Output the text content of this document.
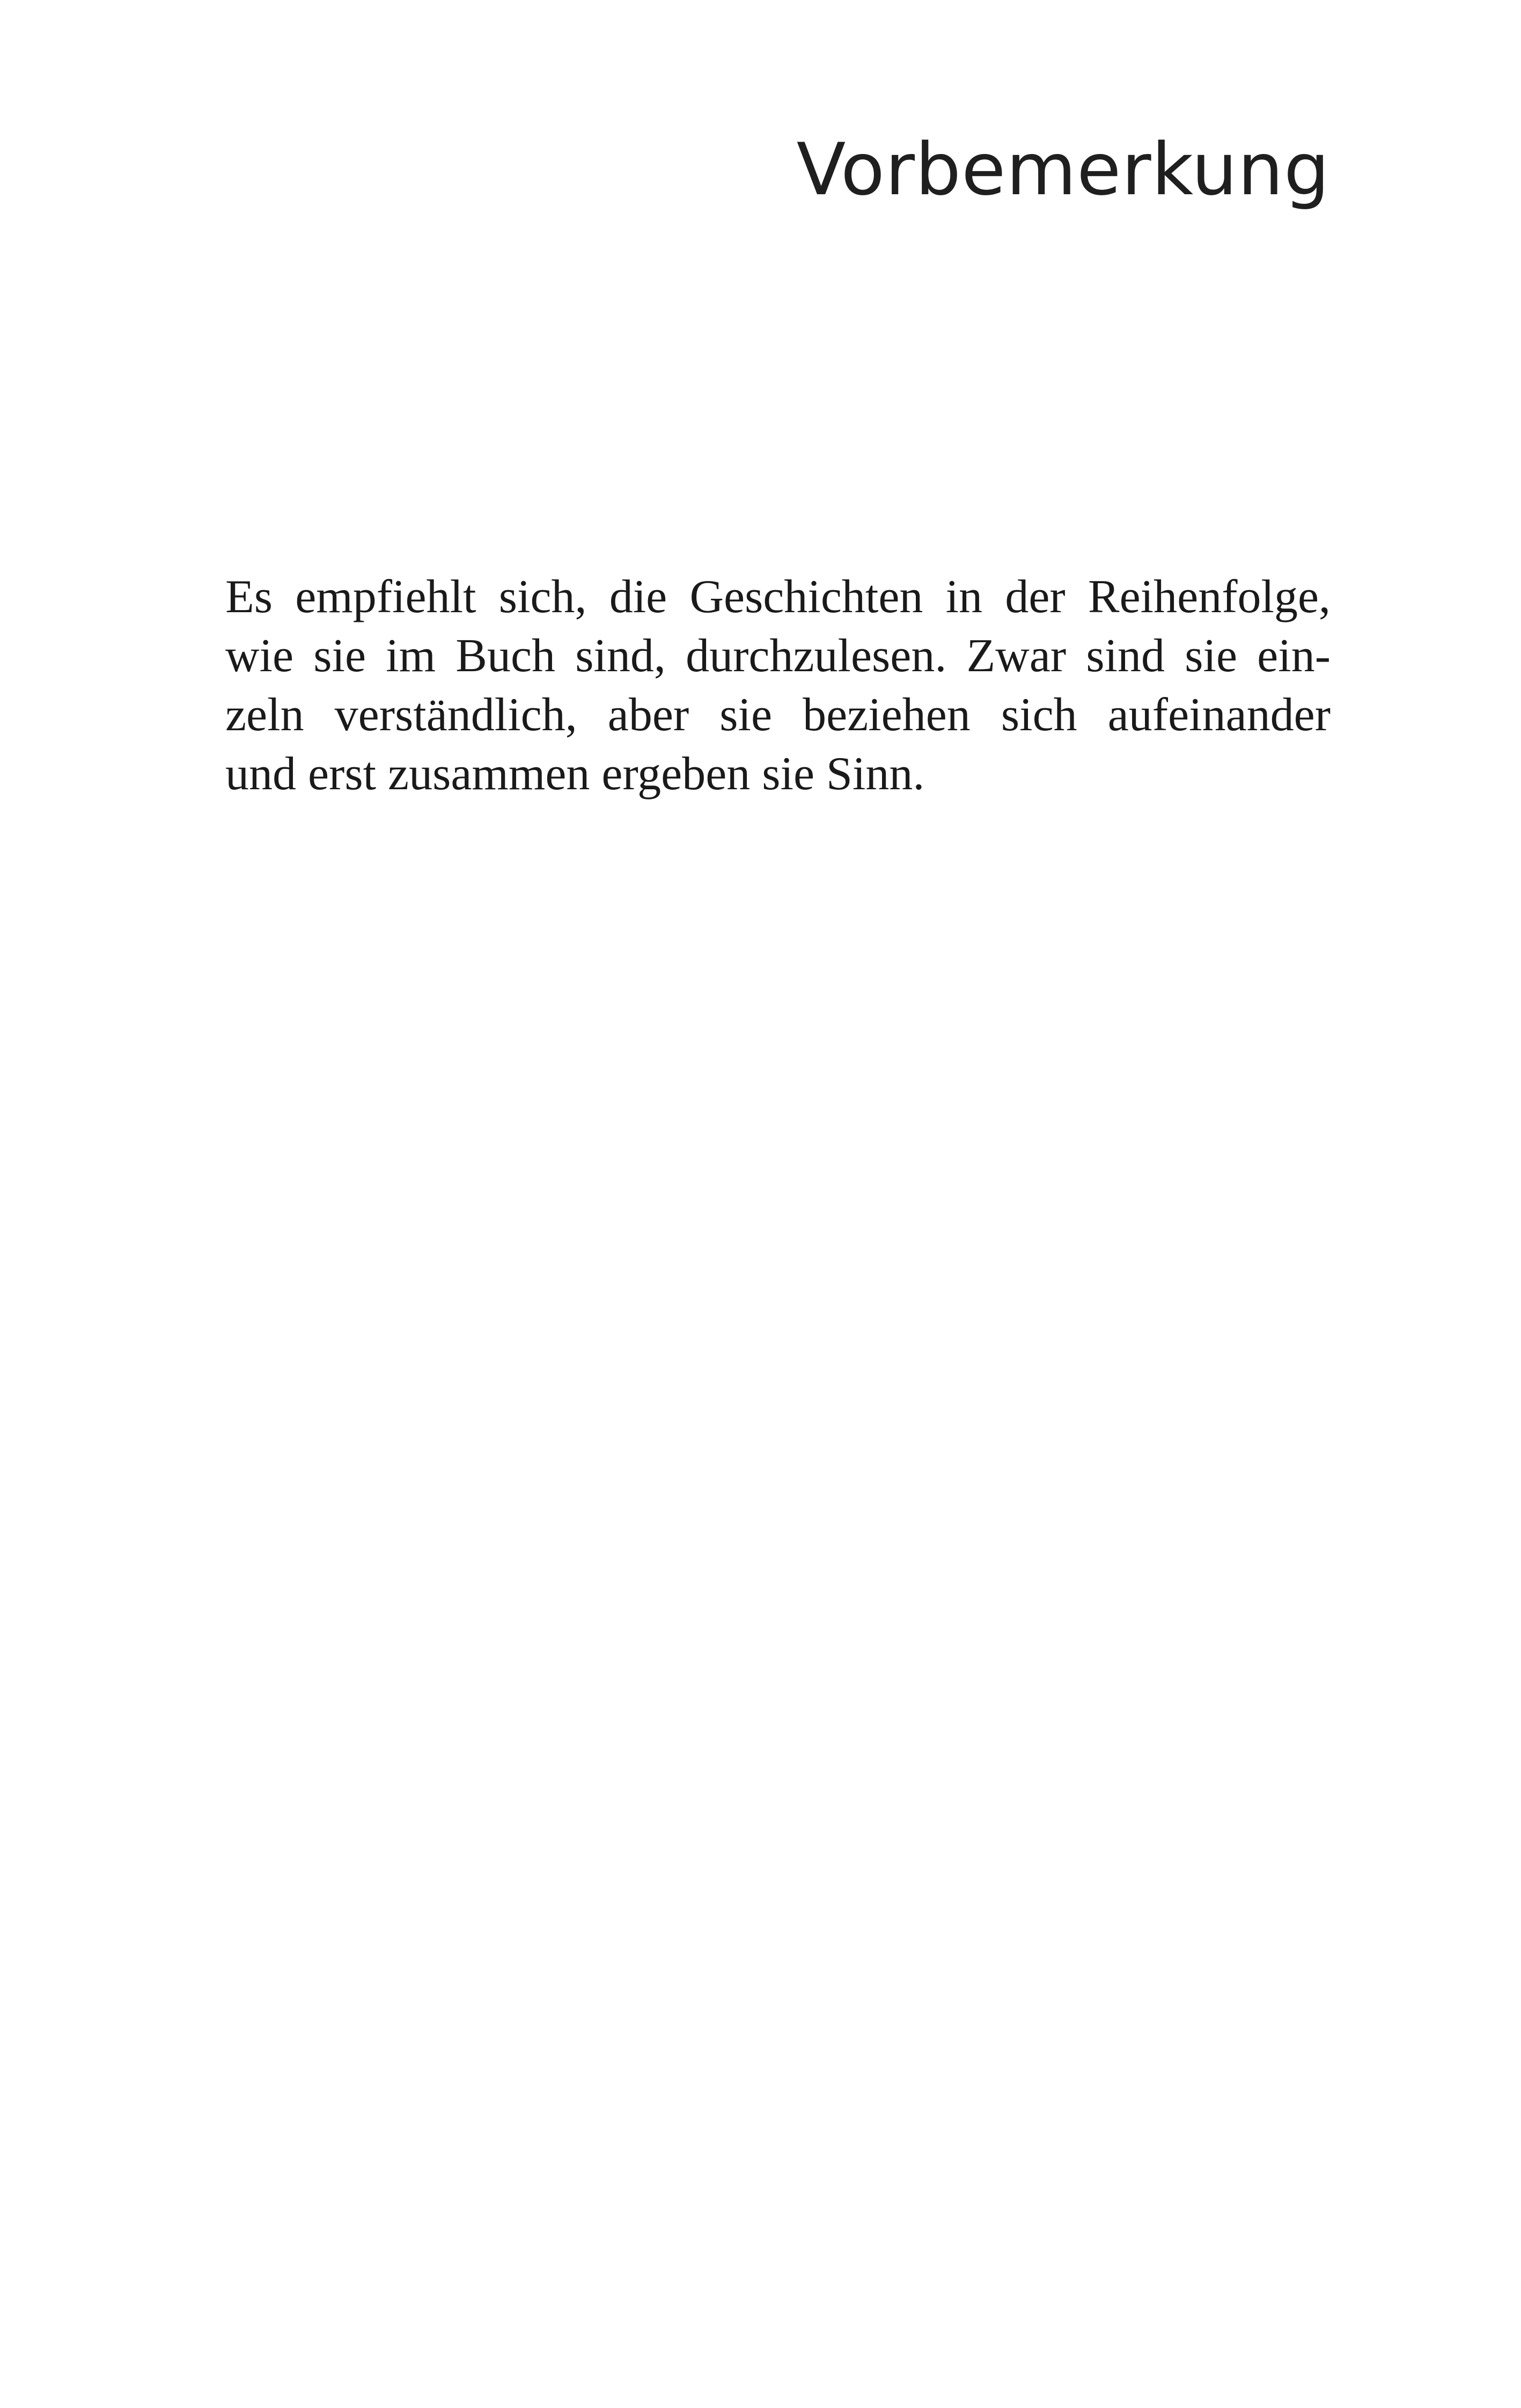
Vorbemerkung
Es empfiehlt sich, die Geschichten in der Reihenfolge,
wie sie im Buch sind, durchzulesen. Zwar sind sie ein-
zeln verständlich, aber sie beziehen sich aufeinander
und erst zusammen ergeben sie Sinn.
